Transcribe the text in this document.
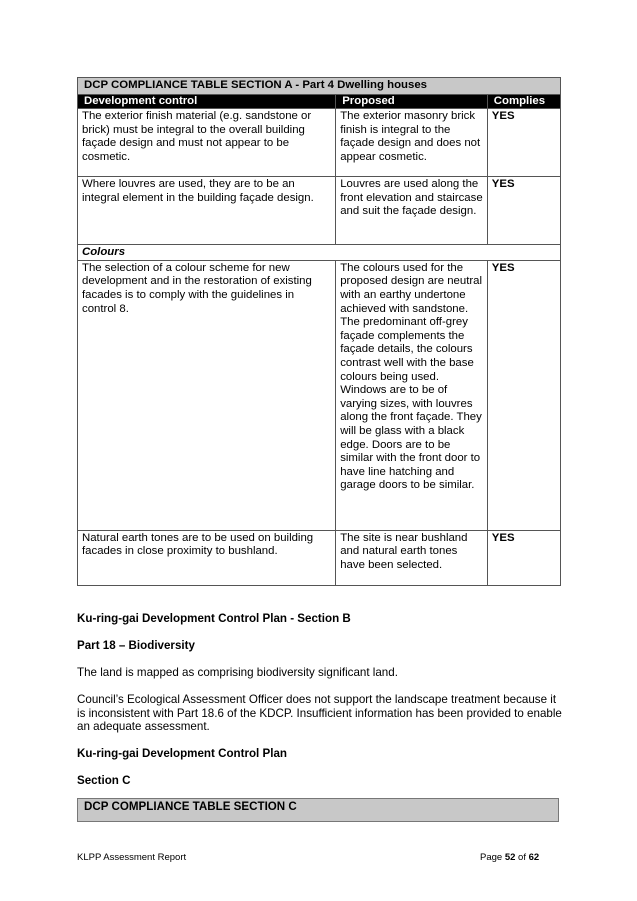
DCP COMPLIANCE TABLE SECTION A - Part 4 Dwelling houses		
Development control	Proposed	Complies
The exterior finish material (e.g. sandstone or brick) must be integral to the overall building façade design and must not appear to be cosmetic.	The exterior masonry brick finish is integral to the façade design and does not appear cosmetic.	YES
Where louvres are used, they are to be an integral element in the building façade design.	Louvres are used along the front elevation and staircase and suit the façade design.	YES
Colours		
The selection of a colour scheme for new development and in the restoration of existing facades is to comply with the guidelines in control 8.	The colours used for the proposed design are neutral with an earthy undertone achieved with sandstone. The predominant off-grey façade complements the façade details, the colours contrast well with the base colours being used. Windows are to be of varying sizes, with louvres along the front façade. They will be glass with a black edge. Doors are to be similar with the front door to have line hatching and garage doors to be similar.	YES
Natural earth tones are to be used on building facades in close proximity to bushland.	The site is near bushland and natural earth tones have been selected.	YES
Ku-ring-gai Development Control Plan - Section B
Part 18 – Biodiversity
The land is mapped as comprising biodiversity significant land.
Council’s Ecological Assessment Officer does not support the landscape treatment because it is inconsistent with Part 18.6 of the KDCP. Insufficient information has been provided to enable an adequate assessment.
Ku-ring-gai Development Control Plan
Section C
DCP COMPLIANCE TABLE SECTION C
KLPP Assessment Report	Page 52 of 62
